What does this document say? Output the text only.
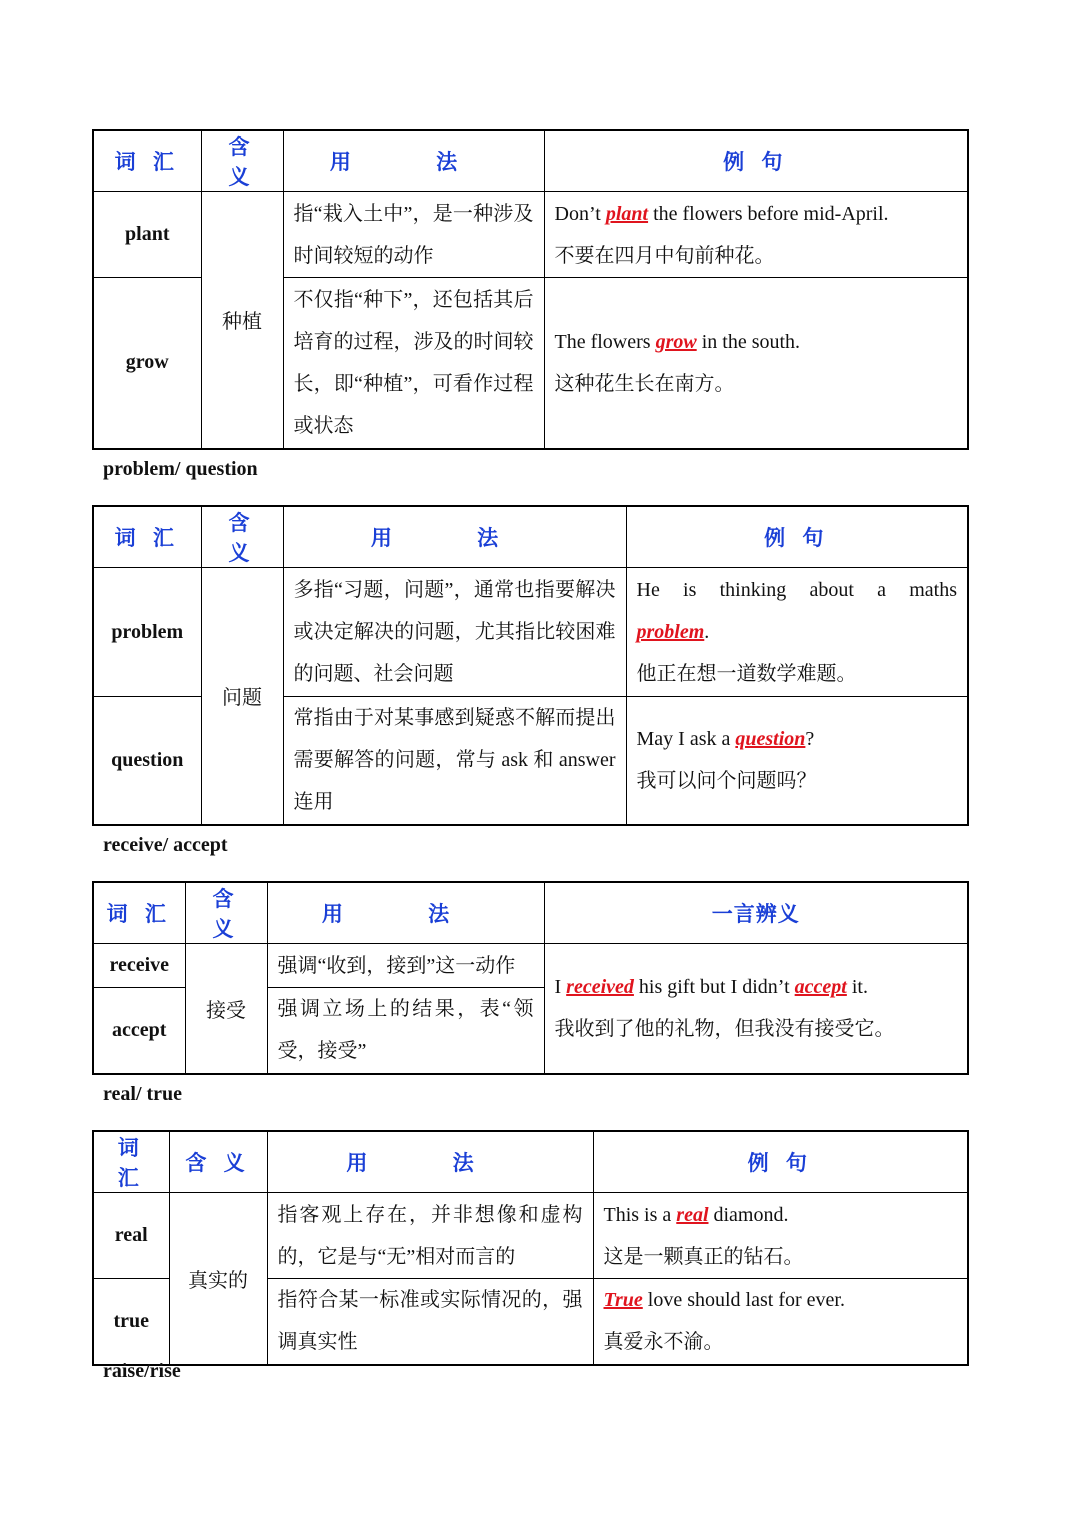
词 汇	含 义	用 法	例 句
plant	种植	指“栽入土中”，是一种涉及时间较短的动作	Don’t plant the flowers before mid-April.
不要在四月中旬前种花。

grow		不仅指“种下”，还包括其后培育的过程，涉及的时间较长，即“种植”，可看作过程或状态	The flowers grow in the south.
这种花生长在南方。
problem/ question
词 汇	含 义	用 法	例 句
problem	问题	多指“习题，问题”，通常也指要解决或决定解决的问题，尤其指比较困难的问题、社会问题	He is thinking about a maths
problem.
他正在想一道数学难题。

question		常指由于对某事感到疑惑不解而提出需要解答的问题，常与 ask 和 answer 连用	May I ask a question?
我可以问个问题吗？
receive/ accept
词 汇	含 义	用 法	一言辨义
receive	接受	强调“收到，接到”这一动作	I received his gift but I didn’t accept it.
我收到了他的礼物，但我没有接受它。

accept		强调立场上的结果，表“领受，接受”	
real/ true
词 汇	含 义	用 法	例 句
real	真实的	指客观上存在，并非想像和虚构的，它是与“无”相对而言的	This is a real diamond.
这是一颗真正的钻石。

true		指符合某一标准或实际情况的，强调真实性	True love should last for ever.
真爱永不渝。
raise/rise
